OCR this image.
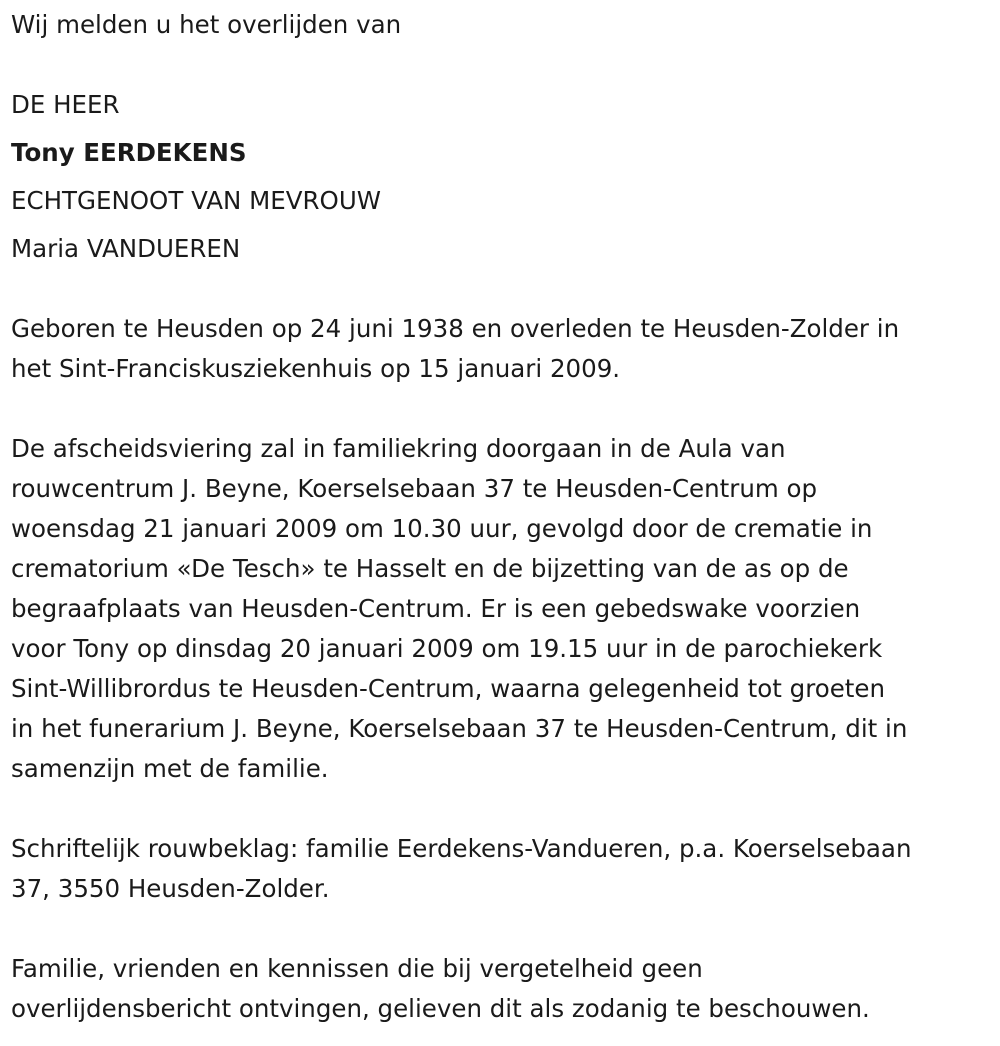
Wij melden u het overlijden van
DE HEER
Tony EERDEKENS
ECHTGENOOT VAN MEVROUW
Maria VANDUEREN
Geboren te Heusden op 24 juni 1938 en overleden te Heusden-Zolder in
het Sint-Franciskusziekenhuis op 15 januari 2009.
De afscheidsviering zal in familiekring doorgaan in de Aula van
rouwcentrum J. Beyne, Koerselsebaan 37 te Heusden-Centrum op
woensdag 21 januari 2009 om 10.30 uur, gevolgd door de crematie in
crematorium «De Tesch» te Hasselt en de bijzetting van de as op de
begraafplaats van Heusden-Centrum. Er is een gebedswake voorzien
voor Tony op dinsdag 20 januari 2009 om 19.15 uur in de parochiekerk
Sint-Willibrordus te Heusden-Centrum, waarna gelegenheid tot groeten
in het funerarium J. Beyne, Koerselsebaan 37 te Heusden-Centrum, dit in
samenzijn met de familie.
Schriftelijk rouwbeklag: familie Eerdekens-Vandueren, p.a. Koerselsebaan
37, 3550 Heusden-Zolder.
Familie, vrienden en kennissen die bij vergetelheid geen
overlijdensbericht ontvingen, gelieven dit als zodanig te beschouwen.
